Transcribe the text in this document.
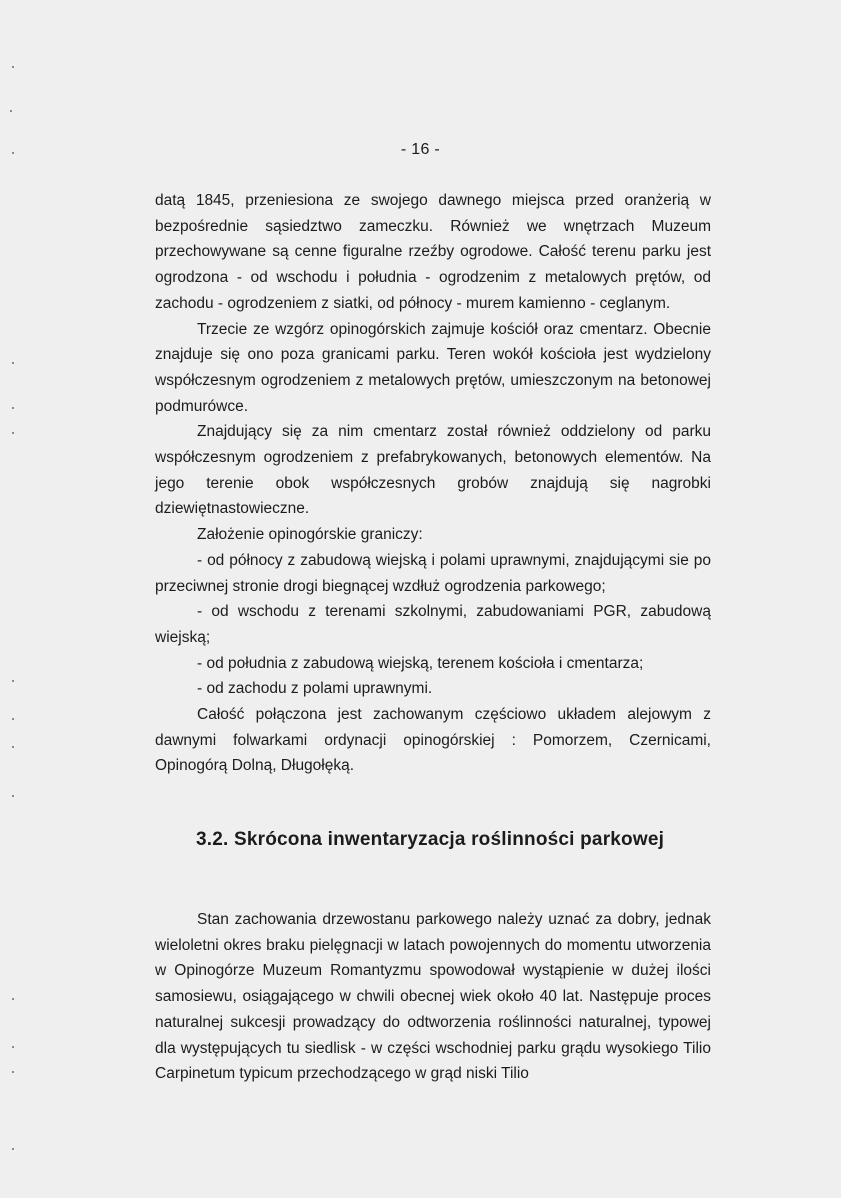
- 16 -

datą 1845, przeniesiona ze swojego dawnego miejsca przed oranżerią w bezpośrednie sąsiedztwo zameczku. Również we wnętrzach Muzeum przechowywane są cenne figuralne rzeźby ogrodowe. Całość terenu parku jest ogrodzona - od wschodu i południa - ogrodzenim z metalowych prętów, od zachodu - ogrodzeniem z siatki, od północy - murem kamienno - ceglanym.

Trzecie ze wzgórz opinogórskich zajmuje kościół oraz cmentarz. Obecnie znajduje się ono poza granicami parku. Teren wokół kościoła jest wydzielony współczesnym ogrodzeniem z metalowych prętów, umieszczonym na betonowej podmurówce.

Znajdujący się za nim cmentarz został również oddzielony od parku współczesnym ogrodzeniem z prefabrykowanych, betonowych elementów. Na jego terenie obok współczesnych grobów znajdują się nagrobki dziewiętnastowieczne.

Założenie opinogórskie graniczy:

- od północy z zabudową wiejską i polami uprawnymi, znajdującymi sie po przeciwnej stronie drogi biegnącej wzdłuż ogrodzenia parkowego;

- od wschodu z terenami szkolnymi, zabudowaniami PGR, zabudową wiejską;

- od południa z zabudową wiejską, terenem kościoła i cmentarza;

- od zachodu z polami uprawnymi.

Całość połączona jest zachowanym częściowo układem alejowym z dawnymi folwarkami ordynacji opinogórskiej : Pomorzem, Czernicami, Opinogórą Dolną, Długołęką.

3.2. Skrócona inwentaryzacja roślinności parkowej

Stan zachowania drzewostanu parkowego należy uznać za dobry, jednak wieloletni okres braku pielęgnacji w latach powojennych do momentu utworzenia w Opinogórze Muzeum Romantyzmu spowodował wystąpienie w dużej ilości samosiewu, osiągającego w chwili obecnej wiek około 40 lat. Następuje proces naturalnej sukcesji prowadzący do odtworzenia roślinności naturalnej, typowej dla występujących tu siedlisk - w części wschodniej parku grądu wysokiego Tilio Carpinetum typicum przechodzącego w grąd niski Tilio
